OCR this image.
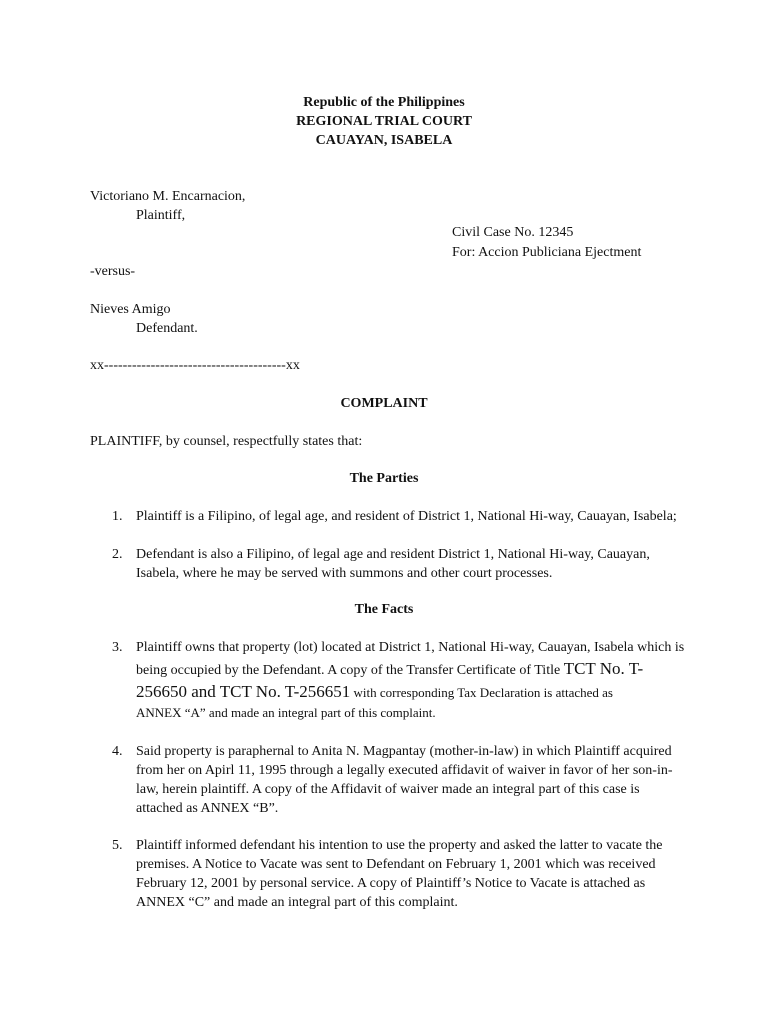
Republic of the Philippines
REGIONAL TRIAL COURT
CAUAYAN, ISABELA
Victoriano M. Encarnacion,
Plaintiff,
Civil Case No. 12345
For: Accion Publiciana Ejectment
-versus-
Nieves Amigo
Defendant.
xx---------------------------------------xx
COMPLAINT
PLAINTIFF, by counsel, respectfully states that:
The Parties
1. Plaintiff is a Filipino, of legal age, and resident of District 1, National Hi-way, Cauayan, Isabela;
2. Defendant is also a Filipino, of legal age and resident District 1, National Hi-way, Cauayan,
Isabela, where he may be served with summons and other court processes.
The Facts
3. Plaintiff owns that property (lot) located at District 1, National Hi-way, Cauayan, Isabela which is
being occupied by the Defendant. A copy of the Transfer Certificate of Title TCT No. T-
256650 and TCT No. T-256651 with corresponding Tax Declaration is attached as
ANNEX “A” and made an integral part of this complaint.
4. Said property is paraphernal to Anita N. Magpantay (mother-in-law) in which Plaintiff acquired
from her on Apirl 11, 1995 through a legally executed affidavit of waiver in favor of her son-in-
law, herein plaintiff. A copy of the Affidavit of waiver made an integral part of this case is
attached as ANNEX “B”.
5. Plaintiff informed defendant his intention to use the property and asked the latter to vacate the
premises. A Notice to Vacate was sent to Defendant on February 1, 2001 which was received
February 12, 2001 by personal service. A copy of Plaintiff’s Notice to Vacate is attached as
ANNEX “C” and made an integral part of this complaint.
